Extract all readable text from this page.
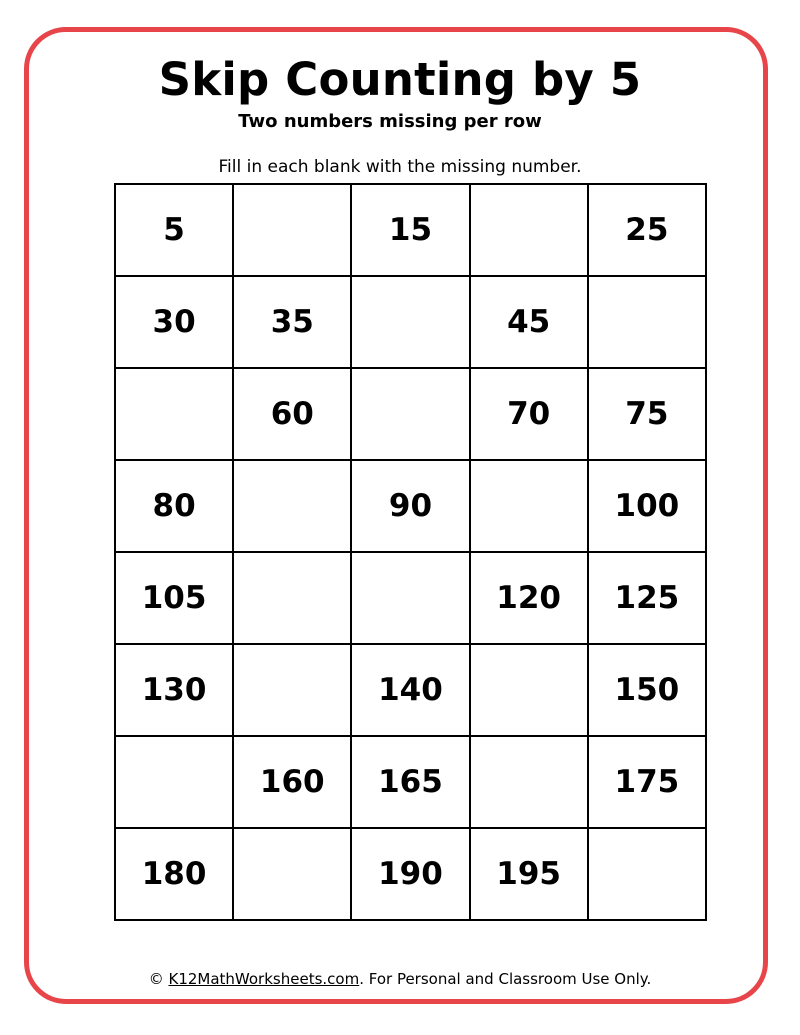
Skip Counting by 5
Two numbers missing per row
Fill in each blank with the missing number.
5		15		25
30	35		45	
	60		70	75
80		90		100
105			120	125
130		140		150
	160	165		175
180		190	195	
© K12MathWorksheets.com. For Personal and Classroom Use Only.
